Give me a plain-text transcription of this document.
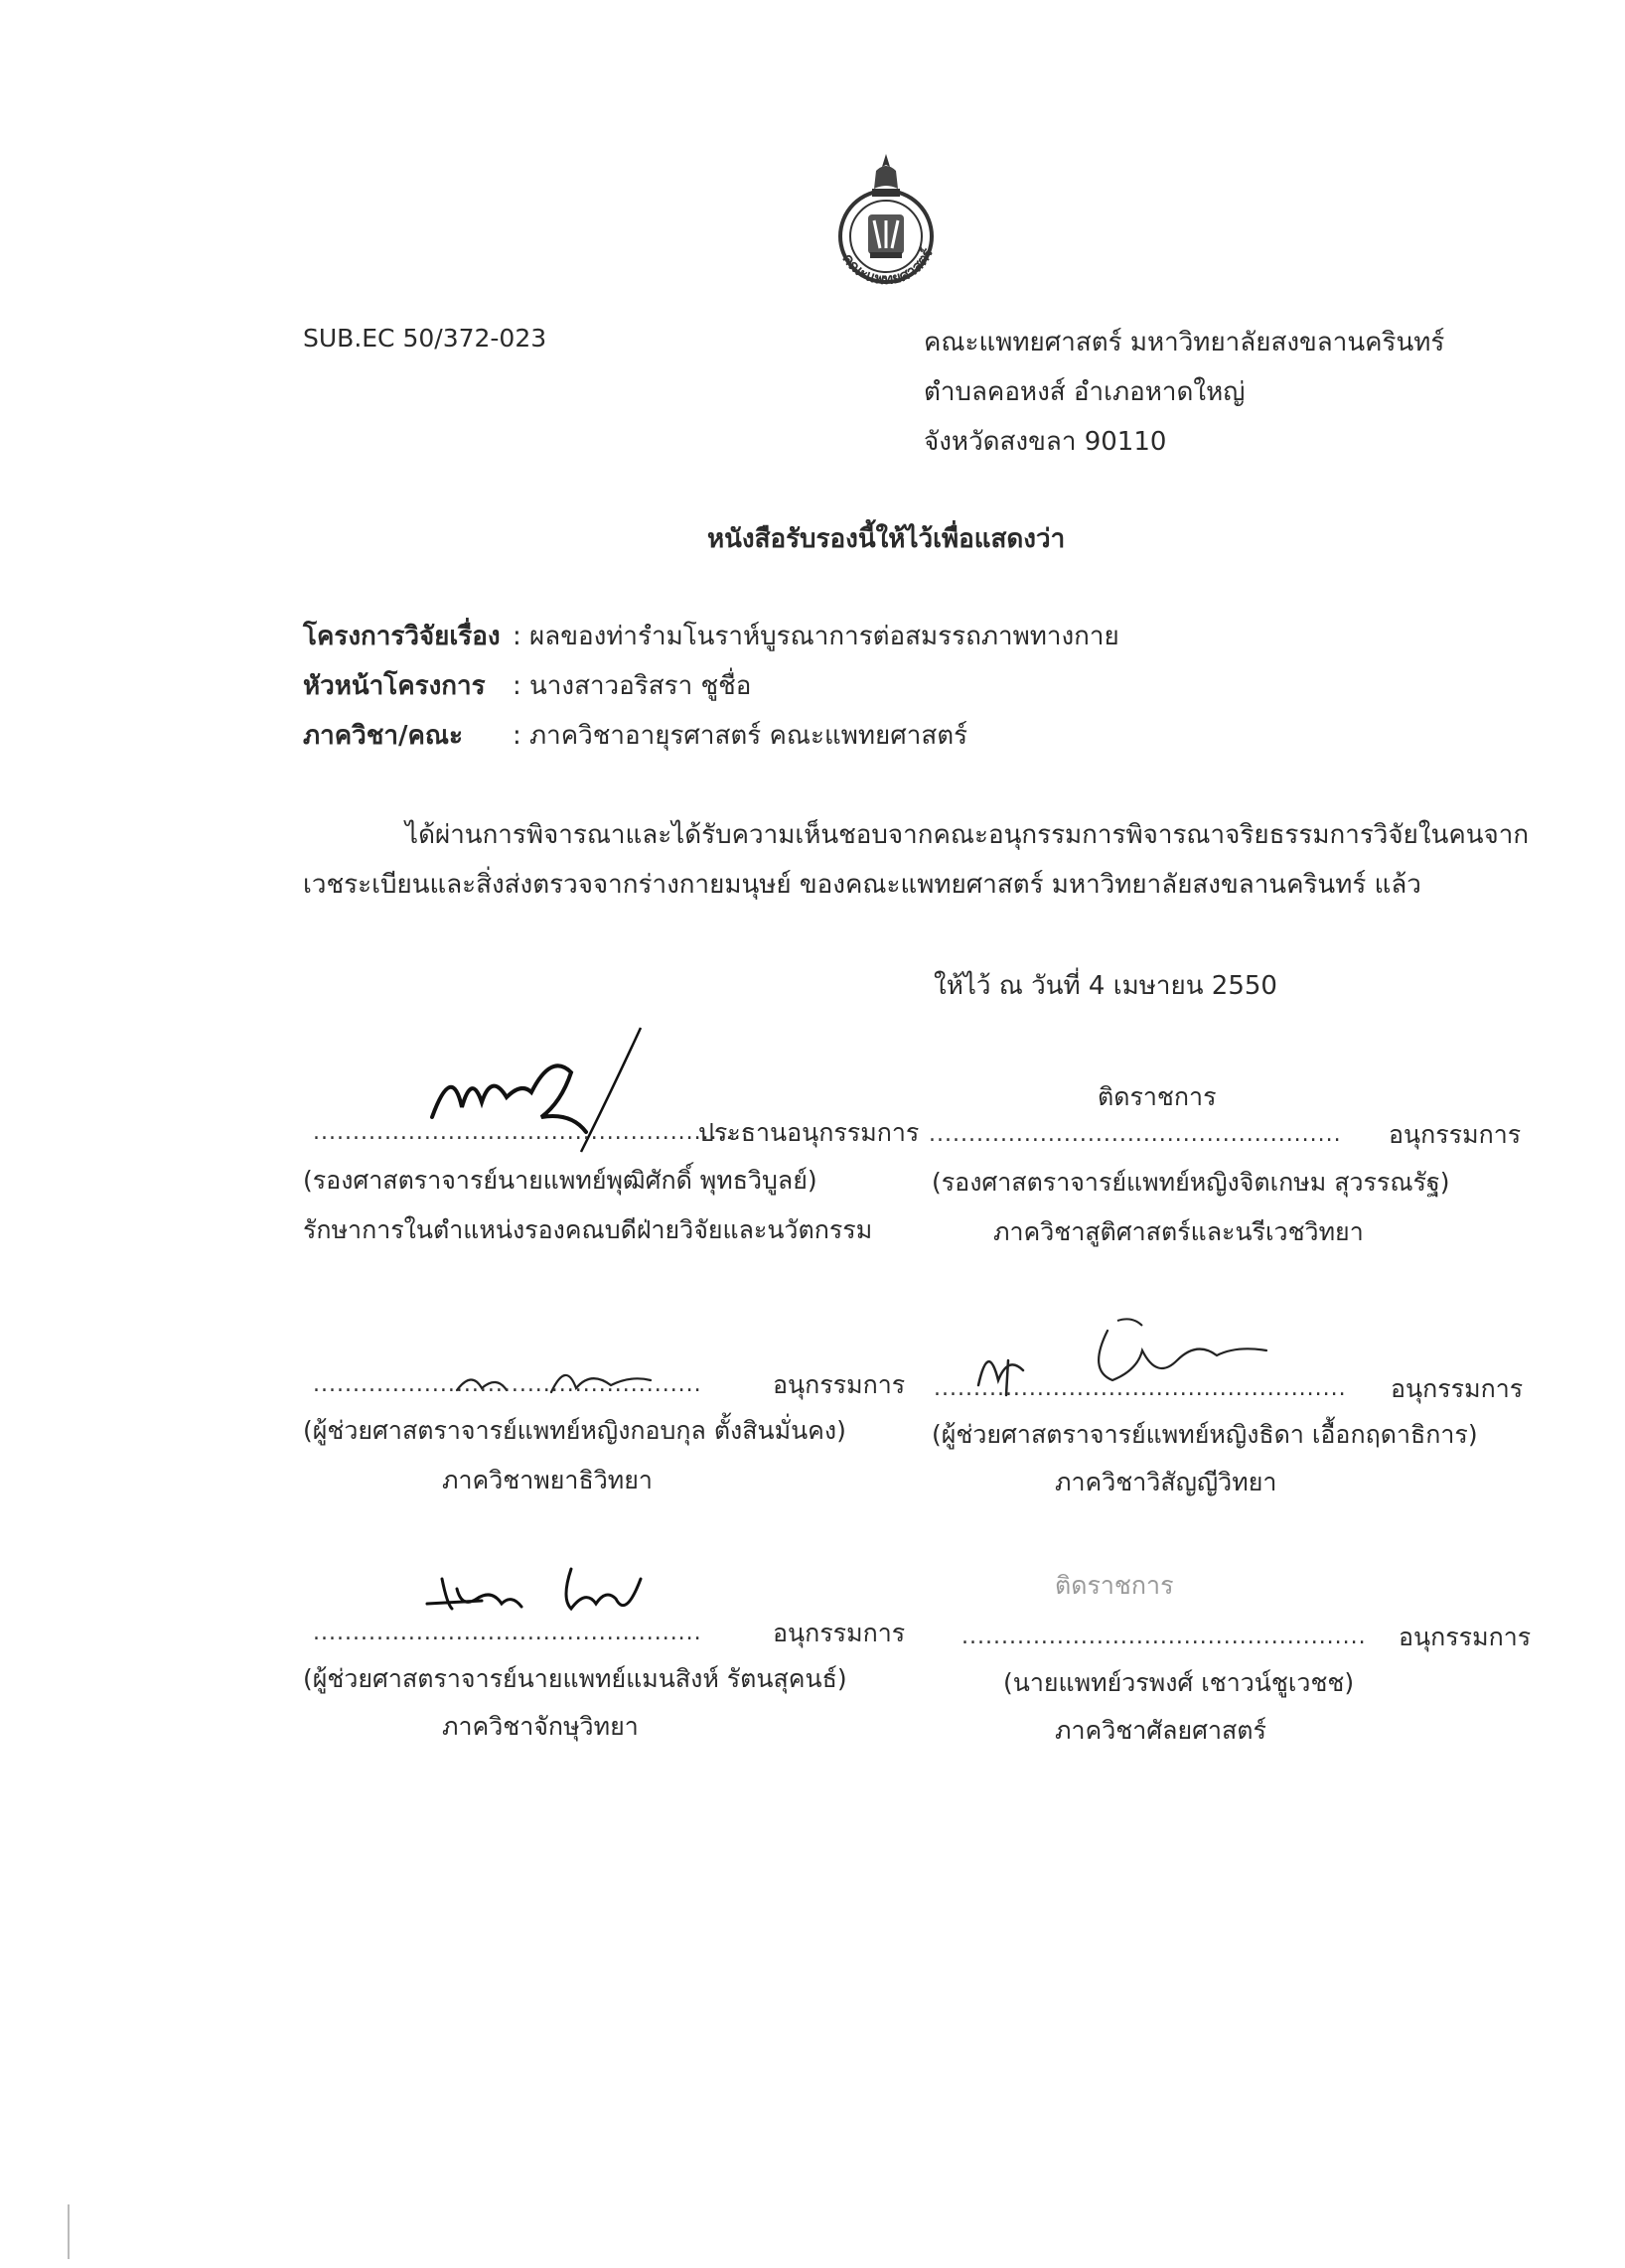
คณะแพทยศาสตร์
SUB.EC 50/372-023	คณะแพทยศาสตร์ มหาวิทยาลัยสงขลานครินทร์
ตำบลคอหงส์ อำเภอหาดใหญ่
จังหวัดสงขลา 90110
หนังสือรับรองนี้ให้ไว้เพื่อแสดงว่า
โครงการวิจัยเรื่อง : ผลของท่ารำมโนราห์บูรณาการต่อสมรรถภาพทางกาย
หัวหน้าโครงการ : นางสาวอริสรา ชูชื่อ
ภาควิชา/คณะ : ภาควิชาอายุรศาสตร์ คณะแพทยศาสตร์
ได้ผ่านการพิจารณาและได้รับความเห็นชอบจากคณะอนุกรรมการพิจารณาจริยธรรมการวิจัยในคนจาก
เวชระเบียนและสิ่งส่งตรวจจากร่างกายมนุษย์ ของคณะแพทยศาสตร์ มหาวิทยาลัยสงขลานครินทร์ แล้ว
ให้ไว้ ณ วันที่ 4 เมษายน 2550
.......................................................
ประธานอนุกรรมการ
(รองศาสตราจารย์นายแพทย์พุฒิศักดิ์ พุทธวิบูลย์)
รักษาการในตำแหน่งรองคณบดีฝ่ายวิจัยและนวัตกรรม
ติดราชการ
.................................................... อนุกรรมการ
(รองศาสตราจารย์แพทย์หญิงจิตเกษม สุวรรณรัฐ)
ภาควิชาสูติศาสตร์และนรีเวชวิทยา
.................................................	อนุกรรมการ
(ผู้ช่วยศาสตราจารย์แพทย์หญิงกอบกุล ตั้งสินมั่นคง)
ภาควิชาพยาธิวิทยา
.................................................... อนุกรรมการ
(ผู้ช่วยศาสตราจารย์แพทย์หญิงธิดา เอื้อกฤดาธิการ)
ภาควิชาวิสัญญีวิทยา
.................................................	อนุกรรมการ
(ผู้ช่วยศาสตราจารย์นายแพทย์แมนสิงห์ รัตนสุคนธ์)
ภาควิชาจักษุวิทยา
ติดราชการ
................................................... อนุกรรมการ
(นายแพทย์วรพงศ์ เชาวน์ชูเวชช)
ภาควิชาศัลยศาสตร์
